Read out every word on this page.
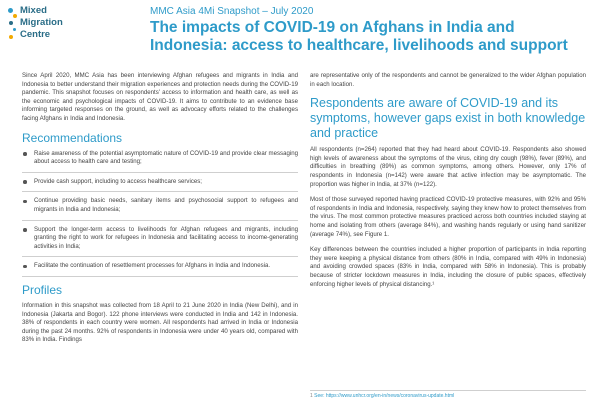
Mixed
Migration
Centre
MMC Asia 4Mi Snapshot – July 2020
The impacts of COVID-19 on Afghans in India and Indonesia: access to healthcare, livelihoods and support

Since April 2020, MMC Asia has been interviewing Afghan refugees and migrants in India and Indonesia to better understand their migration experiences and protection needs during the COVID-19 pandemic. This snapshot focuses on respondents' access to information and health care, as well as the economic and psychological impacts of COVID-19. It aims to contribute to an evidence base informing targeted responses on the ground, as well as advocacy efforts related to the challenges facing Afghans in India and Indonesia.

Recommendations
Raise awareness of the potential asymptomatic nature of COVID-19 and provide clear messaging about access to health care and testing;
Provide cash support, including to access healthcare services;
Continue providing basic needs, sanitary items and psychosocial support to refugees and migrants in India and Indonesia;
Support the longer-term access to livelihoods for Afghan refugees and migrants, including granting the right to work for refugees in Indonesia and facilitating access to income-generating activities in India;
Facilitate the continuation of resettlement processes for Afghans in India and Indonesia.
Profiles

Information in this snapshot was collected from 18 April to 21 June 2020 in India (New Delhi), and in Indonesia (Jakarta and Bogor). 122 phone interviews were conducted in India and 142 in Indonesia. 38% of respondents in each country were women. All respondents had arrived in India or Indonesia during the past 24 months. 92% of respondents in Indonesia were under 40 years old, compared with 83% in India. Findings

are representative only of the respondents and cannot be generalized to the wider Afghan population in each location.

Respondents are aware of COVID-19 and its symptoms, however gaps exist in both knowledge and practice

All respondents (n=264) reported that they had heard about COVID-19. Respondents also showed high levels of awareness about the symptoms of the virus, citing dry cough (98%), fever (89%), and difficulties in breathing (89%) as common symptoms, among others. However, only 17% of respondents in Indonesia (n=142) were aware that active infection may be asymptomatic. The proportion was higher in India, at 37% (n=122).

Most of those surveyed reported having practiced COVID-19 protective measures, with 92% and 95% of respondents in India and Indonesia, respectively, saying they knew how to protect themselves from the virus. The most common protective measures practiced across both countries included staying at home and isolating from others (average 84%), and washing hands regularly or using hand sanitizer (average 74%), see Figure 1.

Key differences between the countries included a higher proportion of participants in India reporting they were keeping a physical distance from others (80% in India, compared with 49% in Indonesia) and avoiding crowded spaces (83% in India, compared with 58% in Indonesia). This is probably because of stricter lockdown measures in India, including the closure of public spaces, effectively enforcing higher levels of physical distancing.¹

1 See: https://www.unhcr.org/en-in/news/coronavirus-update.html
